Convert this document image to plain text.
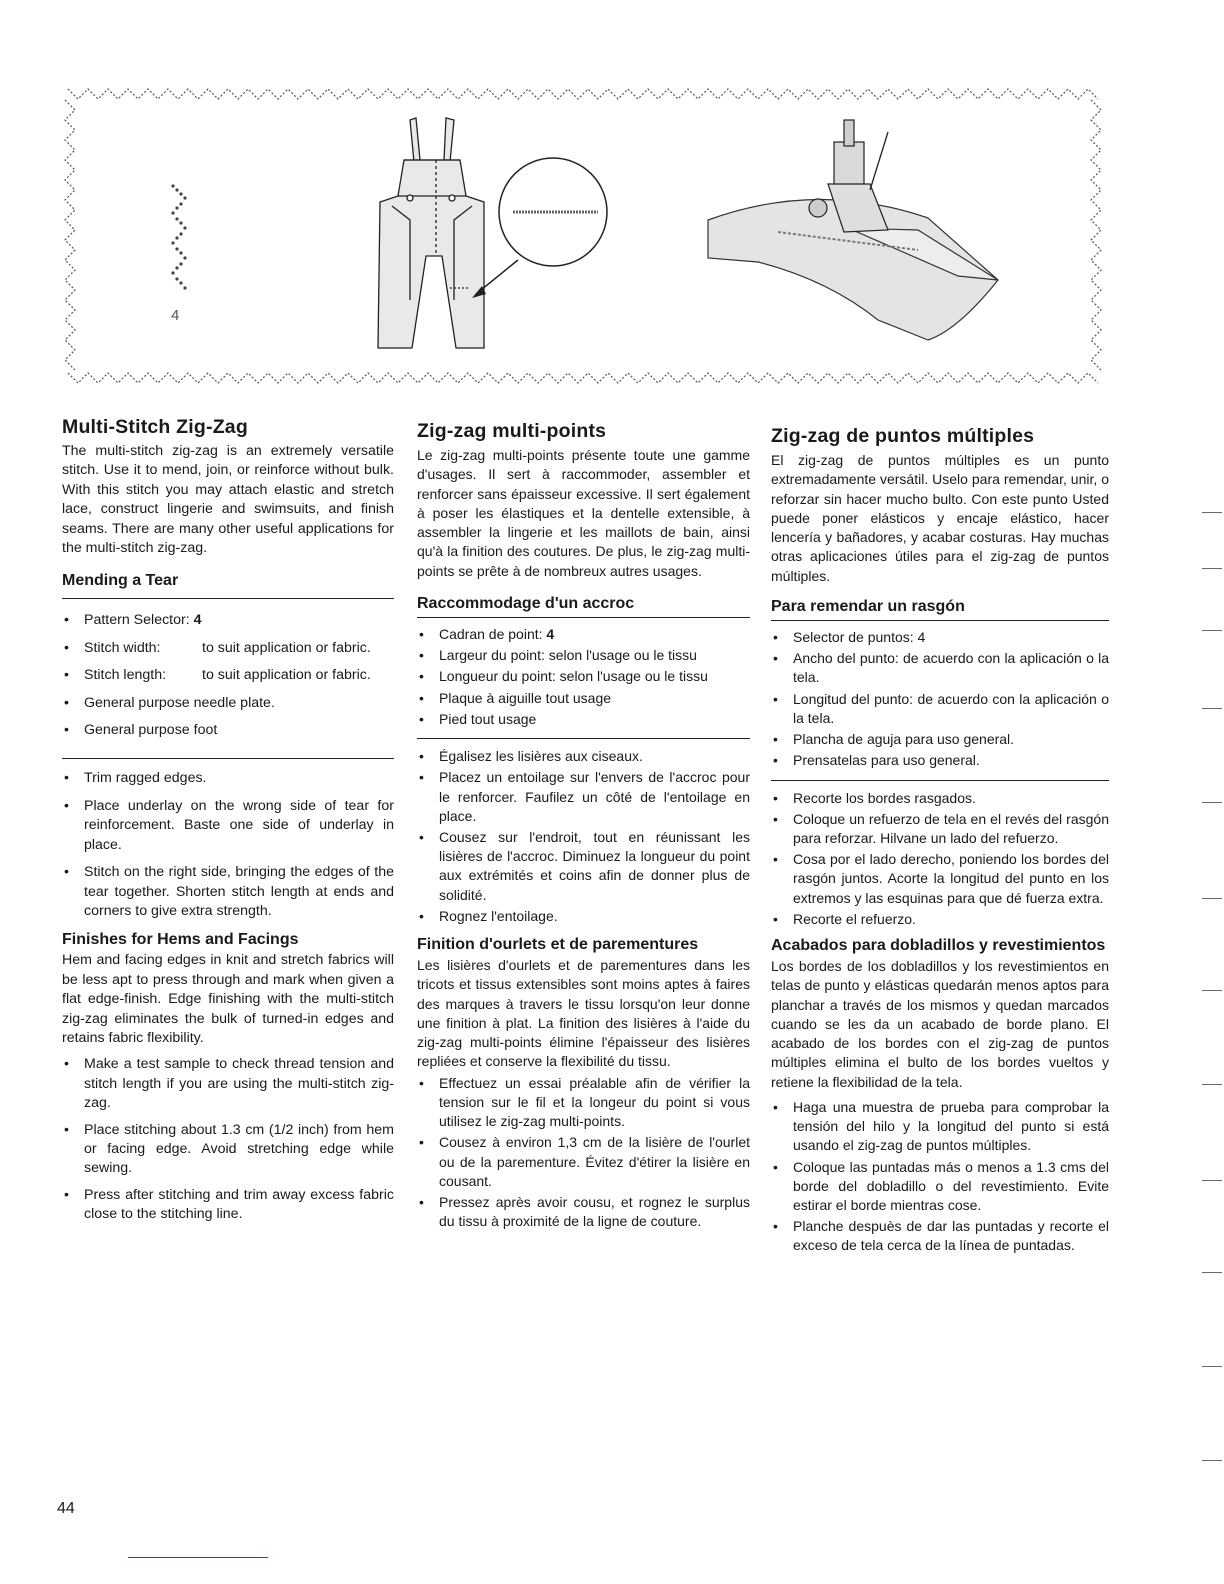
4
Multi-Stitch Zig-Zag

The multi-stitch zig-zag is an extremely versatile stitch. Use it to mend, join, or reinforce without bulk. With this stitch you may attach elastic and stretch lace, construct lingerie and swimsuits, and finish seams. There are many other useful applications for the multi-stitch zig-zag.

Mending a Tear
• Pattern Selector: 4
• Stitch width:	to suit application or fabric.
• Stitch length:	to suit application or fabric.
• General purpose needle plate.
• General purpose foot
• Trim ragged edges.
• Place underlay on the wrong side of tear for reinforcement. Baste one side of underlay in place.
• Stitch on the right side, bringing the edges of the tear together. Shorten stitch length at ends and corners to give extra strength.
Finishes for Hems and Facings

Hem and facing edges in knit and stretch fabrics will be less apt to press through and mark when given a flat edge-finish. Edge finishing with the multi-stitch zig-zag eliminates the bulk of turned-in edges and retains fabric flexibility.

• Make a test sample to check thread tension and stitch length if you are using the multi-stitch zig-zag.
• Place stitching about 1.3 cm (1/2 inch) from hem or facing edge. Avoid stretching edge while sewing.
• Press after stitching and trim away excess fabric close to the stitching line.
Zig-zag multi-points

Le zig-zag multi-points présente toute une gamme d'usages. Il sert à raccommoder, assembler et renforcer sans épaisseur excessive. Il sert également à poser les élastiques et la dentelle extensible, à assembler la lingerie et les maillots de bain, ainsi qu'à la finition des coutures. De plus, le zig-zag multi-points se prête à de nombreux autres usages.

Raccommodage d'un accroc
• Cadran de point: 4
• Largeur du point: selon l'usage ou le tissu
• Longueur du point: selon l'usage ou le tissu
• Plaque à aiguille tout usage
• Pied tout usage
• Égalisez les lisières aux ciseaux.
• Placez un entoilage sur l'envers de l'accroc pour le renforcer. Faufilez un côté de l'entoilage en place.
• Cousez sur l'endroit, tout en réunissant les lisières de l'accroc. Diminuez la longueur du point aux extrémités et coins afin de donner plus de solidité.
• Rognez l'entoilage.
Finition d'ourlets et de parementures

Les lisières d'ourlets et de parementures dans les tricots et tissus extensibles sont moins aptes à faires des marques à travers le tissu lorsqu'on leur donne une finition à plat. La finition des lisières à l'aide du zig-zag multi-points élimine l'épaisseur des lisières repliées et conserve la flexibilité du tissu.

• Effectuez un essai préalable afin de vérifier la tension sur le fil et la longeur du point si vous utilisez le zig-zag multi-points.
• Cousez à environ 1,3 cm de la lisière de l'ourlet ou de la parementure. Évitez d'étirer la lisière en cousant.
• Pressez après avoir cousu, et rognez le surplus du tissu à proximité de la ligne de couture.
Zig-zag de puntos múltiples

El zig-zag de puntos múltiples es un punto extremadamente versátil. Uselo para remendar, unir, o reforzar sin hacer mucho bulto. Con este punto Usted puede poner elásticos y encaje elástico, hacer lencería y bañadores, y acabar costuras. Hay muchas otras aplicaciones útiles para el zig-zag de puntos múltiples.

Para remendar un rasgón
• Selector de puntos: 4
• Ancho del punto: de acuerdo con la aplicación o la tela.
• Longitud del punto: de acuerdo con la aplicación o la tela.
• Plancha de aguja para uso general.
• Prensatelas para uso general.
• Recorte los bordes rasgados.
• Coloque un refuerzo de tela en el revés del rasgón para reforzar. Hilvane un lado del refuerzo.
• Cosa por el lado derecho, poniendo los bordes del rasgón juntos. Acorte la longitud del punto en los extremos y las esquinas para que dé fuerza extra.
• Recorte el refuerzo.
Acabados para dobladillos y revestimientos

Los bordes de los dobladillos y los revestimientos en telas de punto y elásticas quedarán menos aptos para planchar a través de los mismos y quedan marcados cuando se les da un acabado de borde plano. El acabado de los bordes con el zig-zag de puntos múltiples elimina el bulto de los bordes vueltos y retiene la flexibilidad de la tela.

• Haga una muestra de prueba para comprobar la tensión del hilo y la longitud del punto si está usando el zig-zag de puntos múltiples.
• Coloque las puntadas más o menos a 1.3 cms del borde del dobladillo o del revestimiento. Evite estirar el borde mientras cose.
• Planche despuès de dar las puntadas y recorte el exceso de tela cerca de la línea de puntadas.
44
